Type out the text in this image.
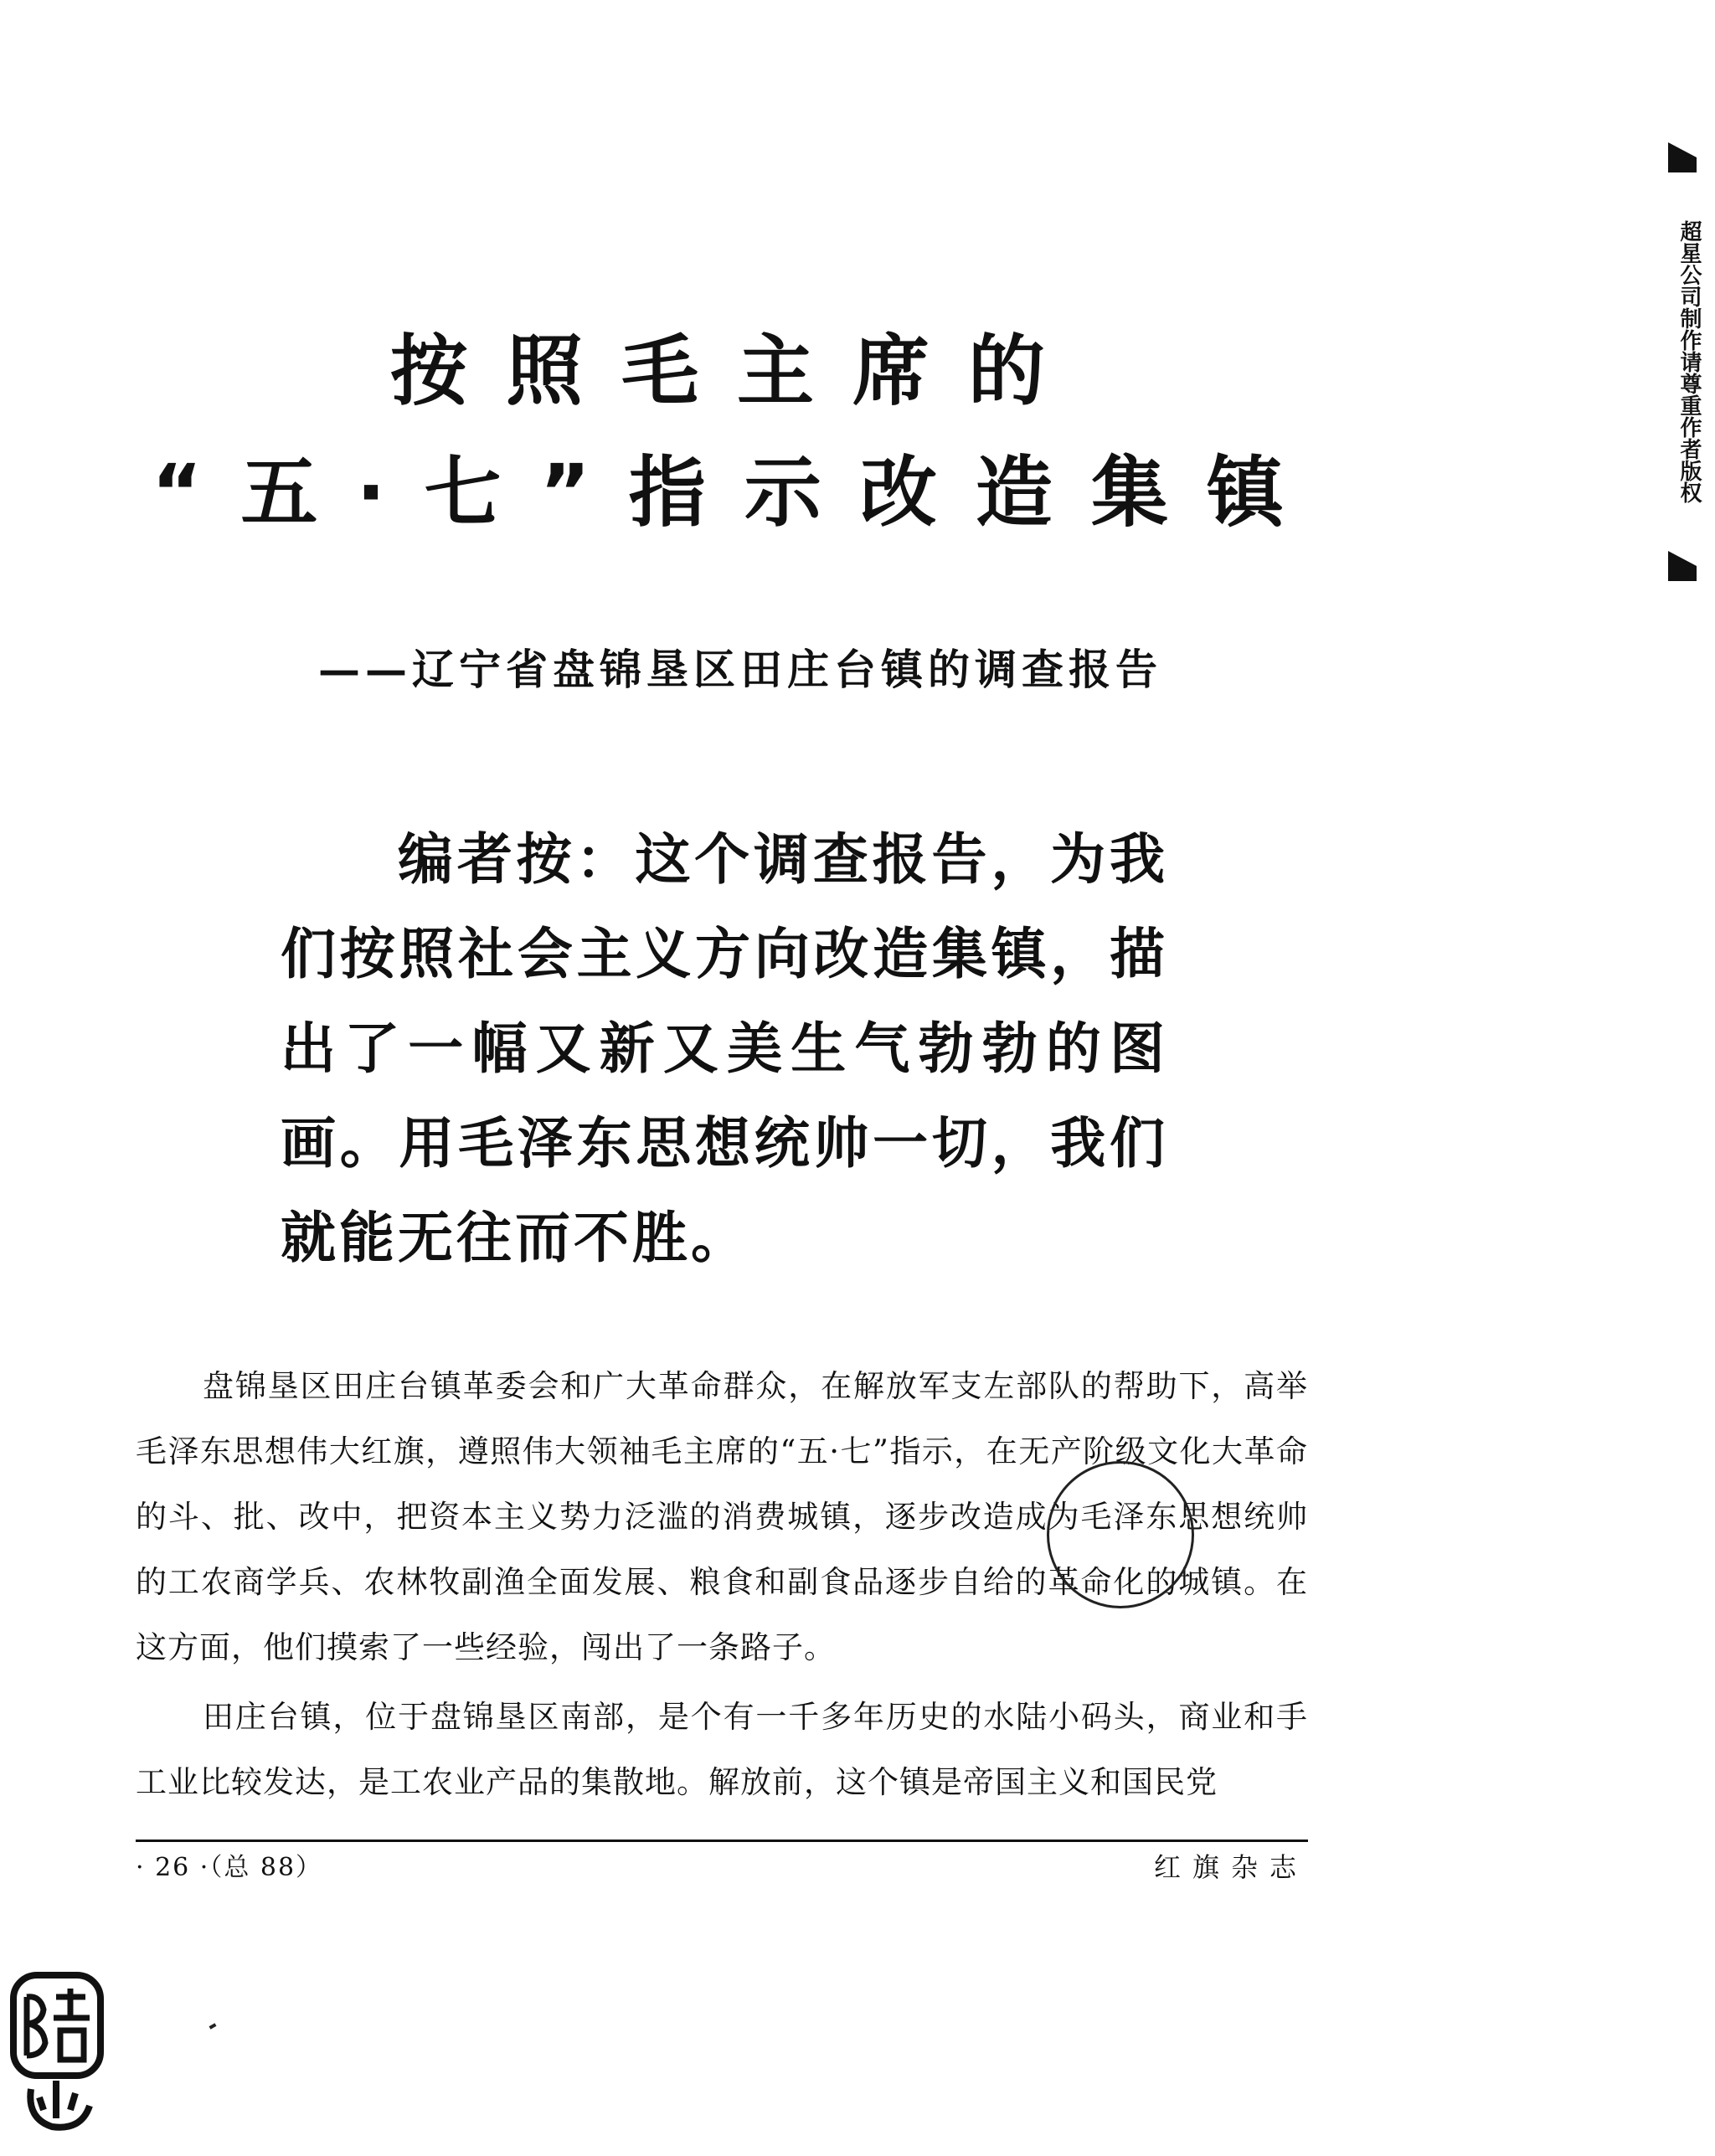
按照毛主席的
“五·七”指示改造集镇
——辽宁省盘锦垦区田庄台镇的调查报告
编者按：这个调查报告，为我们按照社会主义方向改造集镇，描出了一幅又新又美生气勃勃的图画。用毛泽东思想统帅一切，我们就能无往而不胜。
盘锦垦区田庄台镇革委会和广大革命群众，在解放军支左部队的帮助下，高举毛泽东思想伟大红旗，遵照伟大领袖毛主席的“五·七”指示，在无产阶级文化大革命的斗、批、改中，把资本主义势力泛滥的消费城镇，逐步改造成为毛泽东思想统帅的工农商学兵、农林牧副渔全面发展、粮食和副食品逐步自给的革命化的城镇。在这方面，他们摸索了一些经验，闯出了一条路子。
田庄台镇，位于盘锦垦区南部，是个有一千多年历史的水陆小码头，商业和手工业比较发达，是工农业产品的集散地。解放前，这个镇是帝国主义和国民党
· 26 ·（总 88）	红旗杂志
超星公司制作请尊重作者版权
